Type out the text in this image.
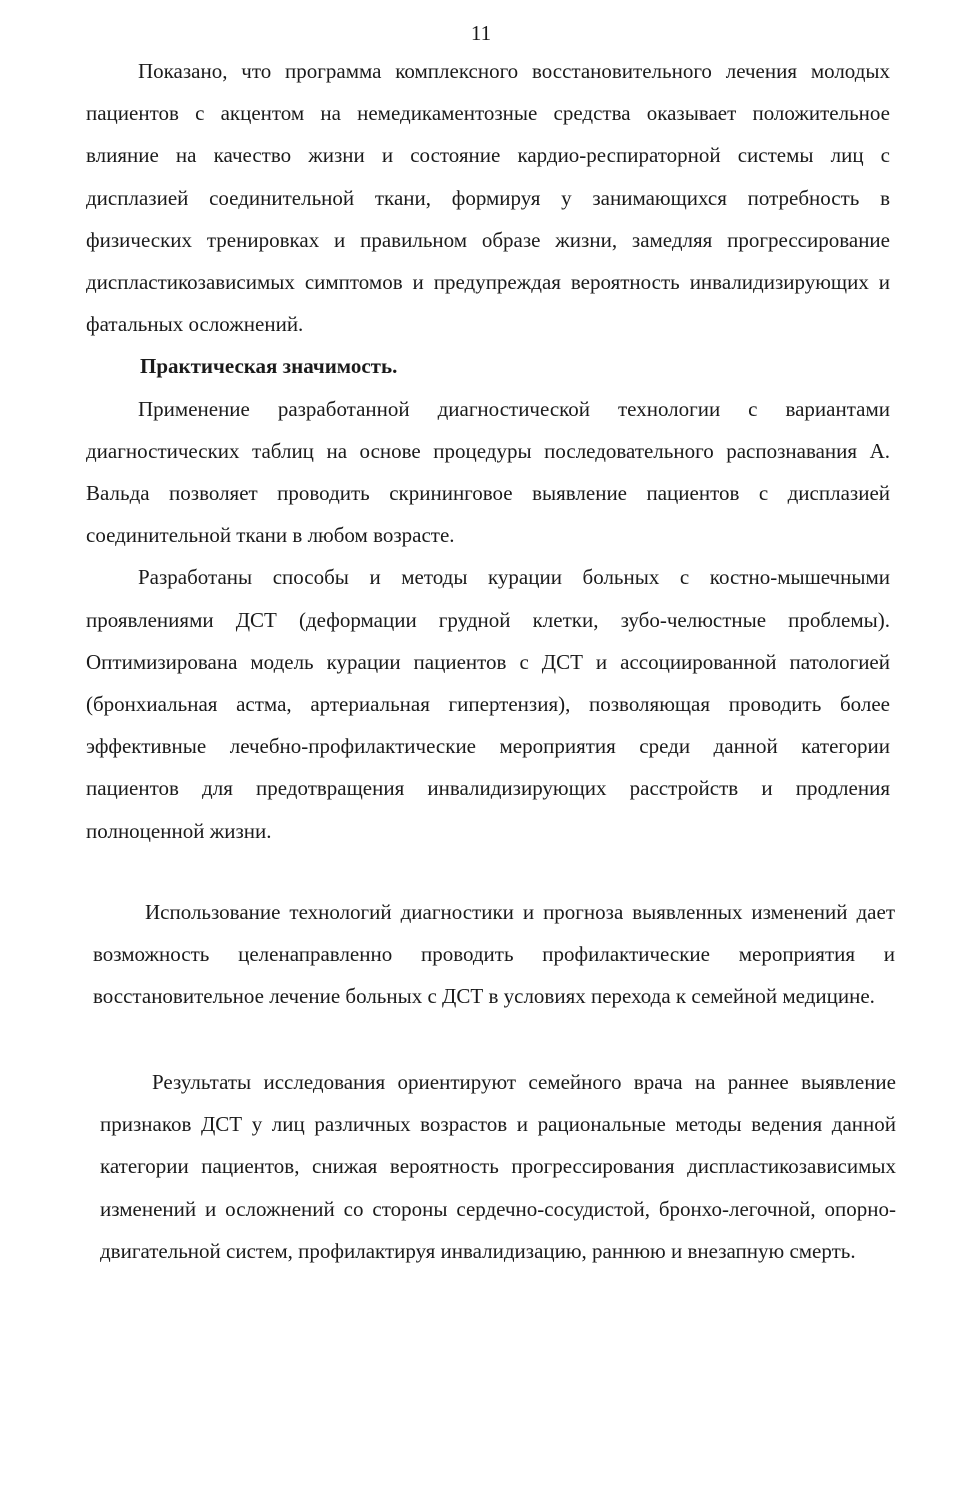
11

Показано, что программа комплексного восстановительного лечения молодых пациентов с акцентом на немедикаментозные средства оказывает положительное влияние на качество жизни и состояние кардио-респираторной системы лиц с дисплазией соединительной ткани, формируя у занимающихся потребность в физических тренировках и правильном образе жизни, замедляя прогрессирование диспластикозависимых симптомов и предупреждая вероятность инвалидизирующих и фатальных осложнений.

Практическая значимость.

Применение разработанной диагностической технологии с вариантами диагностических таблиц на основе процедуры последовательного распознавания А. Вальда позволяет проводить скрининговое выявление пациентов с дисплазией соединительной ткани в любом возрасте.

Разработаны способы и методы курации больных с костно-мышечными проявлениями ДСТ (деформации грудной клетки, зубо-челюстные проблемы). Оптимизирована модель курации пациентов с ДСТ и ассоциированной патологией (бронхиальная астма, артериальная гипертензия), позволяющая проводить более эффективные лечебно-профилактические мероприятия среди данной категории пациентов для предотвращения инвалидизирующих расстройств и продления полноценной жизни.

Использование технологий диагностики и прогноза выявленных изменений дает возможность целенаправленно проводить профилактические мероприятия и восстановительное лечение больных с ДСТ в условиях перехода к семейной медицине.

Результаты исследования ориентируют семейного врача на раннее выявление признаков ДСТ у лиц различных возрастов и рациональные методы ведения данной категории пациентов, снижая вероятность прогрессирования диспластикозависимых изменений и осложнений со стороны сердечно-сосудистой, бронхо-легочной, опорно-двигательной систем, профилактируя инвалидизацию, раннюю и внезапную смерть.
